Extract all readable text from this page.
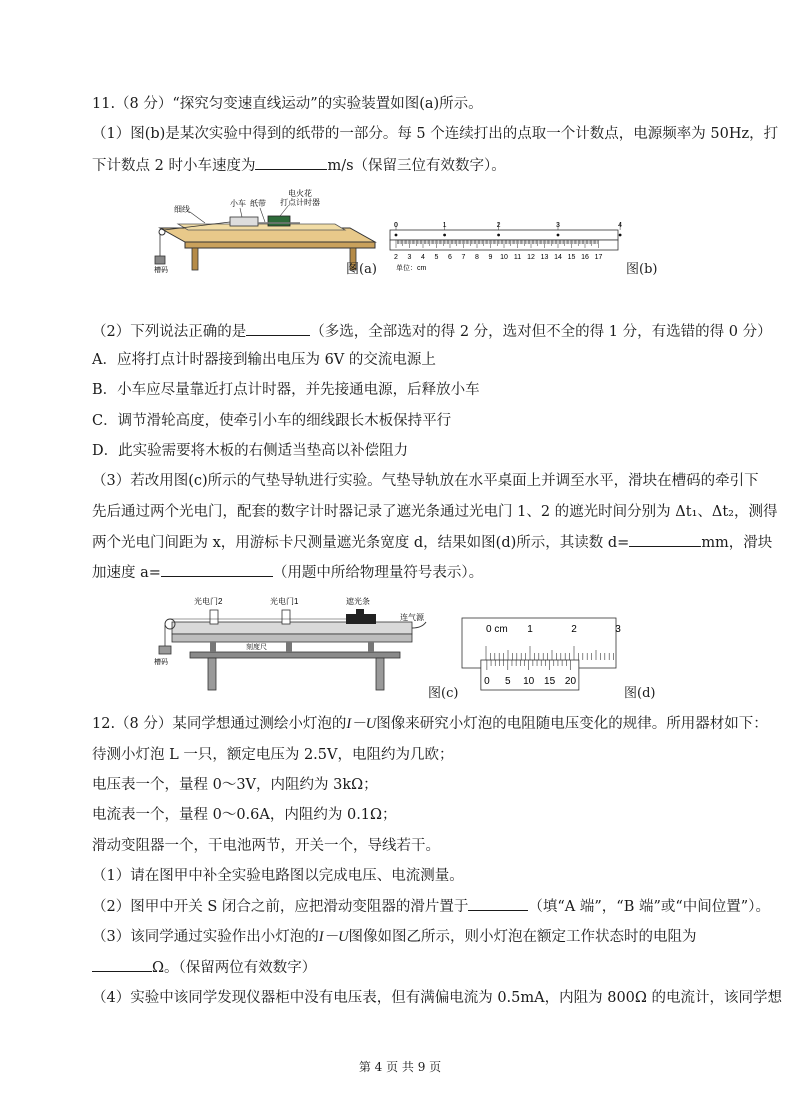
11.（8 分）“探究匀变速直线运动”的实验装置如图(a)所示。
（1）图(b)是某次实验中得到的纸带的一部分。每 5 个连续打出的点取一个计数点，电源频率为 50Hz，打
下计数点 2 时小车速度为	m/s（保留三位有效数字）。
细线
小车 纸带
电火花
打点计时器
槽码	图(a)
2 3 4 5 6 7 8 9 10 11 12 13 14 15 16 17
0	1	2	3	4
单位：cm	图(b)
（2）下列说法正确的是	（多选，全部选对的得 2 分，选对但不全的得 1 分，有选错的得 0 分）
A．应将打点计时器接到输出电压为 6V 的交流电源上
B．小车应尽量靠近打点计时器，并先接通电源，后释放小车
C．调节滑轮高度，使牵引小车的细线跟长木板保持平行
D．此实验需要将木板的右侧适当垫高以补偿阻力
（3）若改用图(c)所示的气垫导轨进行实验。气垫导轨放在水平桌面上并调至水平，滑块在槽码的牵引下
先后通过两个光电门，配套的数字计时器记录了遮光条通过光电门 1、2 的遮光时间分别为 Δt₁、Δt₂，测得
两个光电门间距为 x，用游标卡尺测量遮光条宽度 d，结果如图(d)所示，其读数 d=	mm，滑块
加速度 a=	（用题中所给物理量符号表示）。
光电门2	光电门1	遮光条
连气源
刻度尺
槽码
图(c)
0 cm 1	2	3
0 5 10 15 20
图(d)
12.（8 分）某同学想通过测绘小灯泡的I－U图像来研究小灯泡的电阻随电压变化的规律。所用器材如下：
待测小灯泡 L 一只，额定电压为 2.5V，电阻约为几欧；
电压表一个，量程 0～3V，内阻约为 3kΩ；
电流表一个，量程 0～0.6A，内阻约为 0.1Ω；
滑动变阻器一个，干电池两节，开关一个，导线若干。
（1）请在图甲中补全实验电路图以完成电压、电流测量。
（2）图甲中开关 S 闭合之前，应把滑动变阻器的滑片置于	（填“A 端”，“B 端”或“中间位置”）。
（3）该同学通过实验作出小灯泡的I－U图像如图乙所示，则小灯泡在额定工作状态时的电阻为
Ω。（保留两位有效数字）
（4）实验中该同学发现仪器柜中没有电压表，但有满偏电流为 0.5mA，内阻为 800Ω 的电流计，该同学想
第 4 页 共 9 页
